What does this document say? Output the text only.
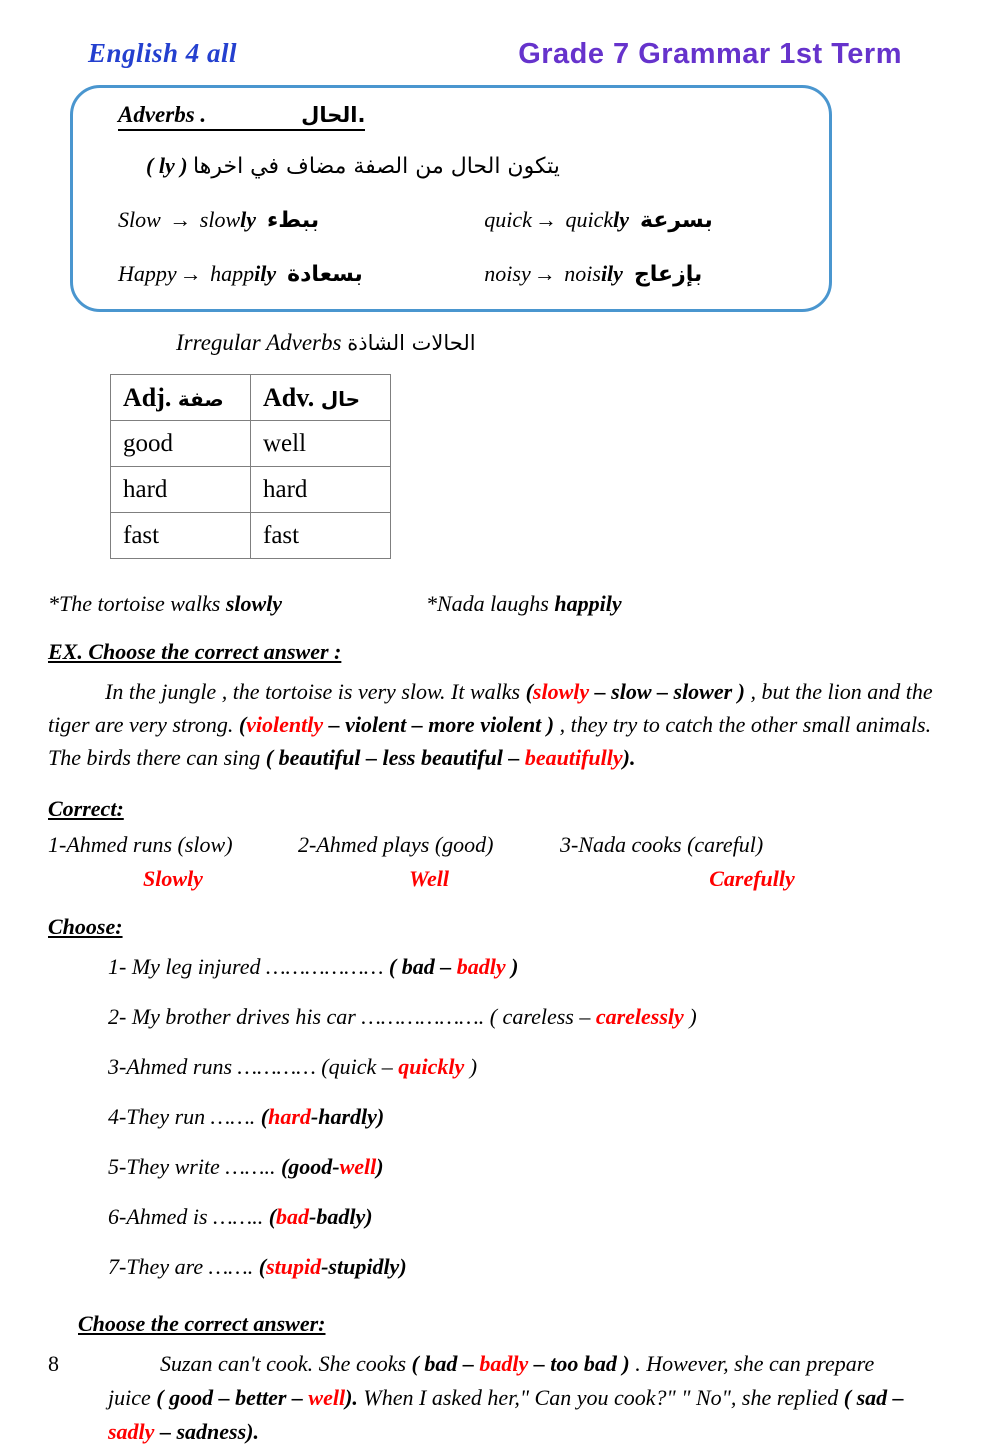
English 4 all	Grade 7 Grammar 1st Term
Adverbs .	الحال.
يتكون الحال من الصفة مضاف في اخرها ( ly )
Slow → slowly ببطء	quick → quickly بسرعة
Happy → happily بسعادة	noisy → noisily بإزعاج
Irregular Adverbs الحالات الشاذة
Adj. صفة	Adv. حال
good	well
hard	hard
fast	fast
*The tortoise walks slowly	*Nada laughs happily
EX. Choose the correct answer :

In the jungle , the tortoise is very slow. It walks (slowly – slow – slower ) , but the lion and the tiger are very strong. (violently – violent – more violent ) , they try to catch the other small animals. The birds there can sing ( beautiful – less beautiful – beautifully).

Correct:
1-Ahmed runs (slow)
Slowly
2-Ahmed plays (good)
Well
3-Nada cooks (careful)
Carefully
Choose:
1- My leg injured ……………… ( bad – badly )
2- My brother drives his car ………………. ( careless – carelessly )
3-Ahmed runs ………… (quick – quickly )
4-They run ……. (hard-hardly)
5-They write …….. (good-well)
6-Ahmed is …….. (bad-badly)
7-They are ……. (stupid-stupidly)
Choose the correct answer:

Suzan can't cook. She cooks ( bad – badly – too bad ) . However, she can prepare juice ( good – better – well). When I asked her," Can you cook?" " No", she replied ( sad – sadly – sadness).

8
